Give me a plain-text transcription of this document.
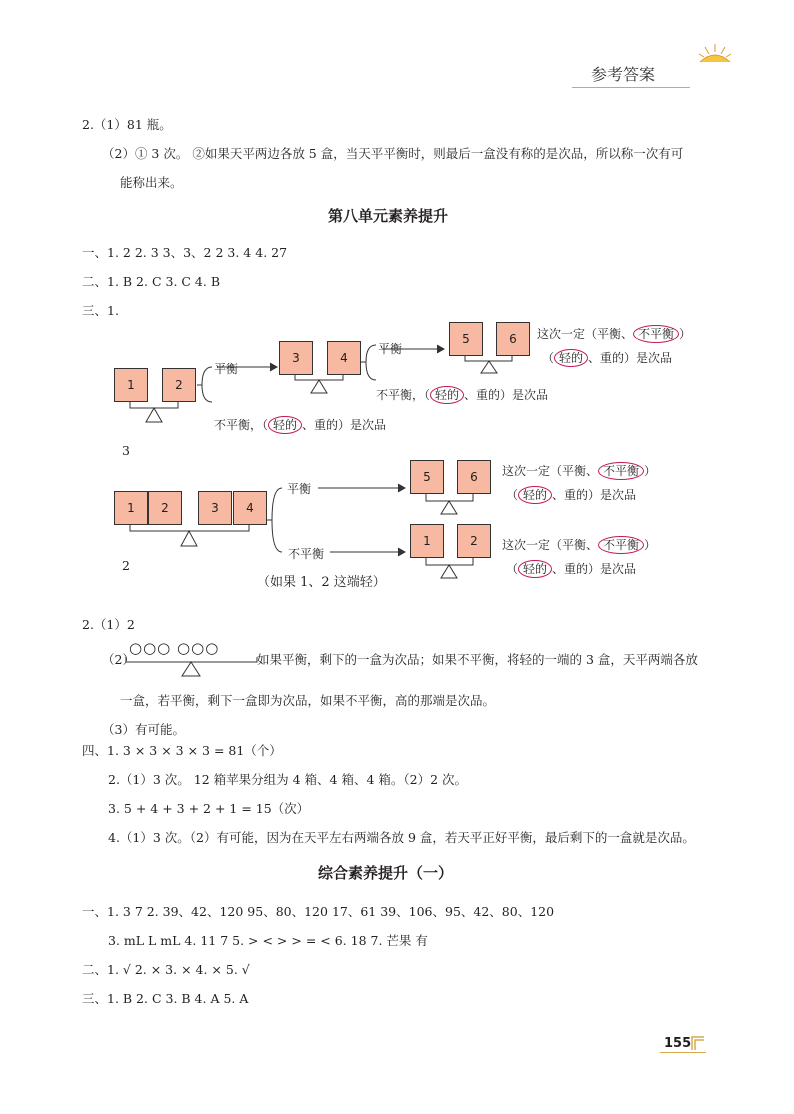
参考答案
2.（1）81 瓶。
（2）① 3 次。 ②如果天平两边各放 5 盒，当天平平衡时，则最后一盒没有称的是次品，所以称一次有可
能称出来。
第八单元素养提升
一、1. 2 2. 3 3、3、2 2 3. 4 4. 27
二、1. B 2. C 3. C 4. B
三、1.
1	2
3	4
5	6
平衡
平衡
不平衡，（ 轻的 、重的）是次品
不平衡，（ 轻的 、重的）是次品
这次一定（平衡、 不平衡 ）
（ 轻的 、重的）是次品
3
1	2	3	4
5	6
1	2
平衡
不平衡
（如果 1、2 这端轻）
这次一定（平衡、 不平衡 ）
（ 轻的 、重的）是次品
这次一定（平衡、 不平衡 ）
（ 轻的 、重的）是次品
2
2.（1）2
（2）
○○○ ○○○
如果平衡，剩下的一盒为次品；如果不平衡，将轻的一端的 3 盒，天平两端各放
一盒，若平衡，剩下一盒即为次品，如果不平衡，高的那端是次品。
（3）有可能。
四、1. 3 × 3 × 3 × 3 = 81（个）
2.（1）3 次。 12 箱苹果分组为 4 箱、4 箱、4 箱。（2）2 次。
3. 5 + 4 + 3 + 2 + 1 = 15（次）
4.（1）3 次。（2）有可能，因为在天平左右两端各放 9 盒，若天平正好平衡，最后剩下的一盒就是次品。
综合素养提升（一）
一、1. 3 7 2. 39、42、120 95、80、120 17、61 39、106、95、42、80、120
3. mL L mL 4. 11 7 5. > < > > = < 6. 18 7. 芒果 有
二、1. √ 2. × 3. × 4. × 5. √
三、1. B 2. C 3. B 4. A 5. A
155
